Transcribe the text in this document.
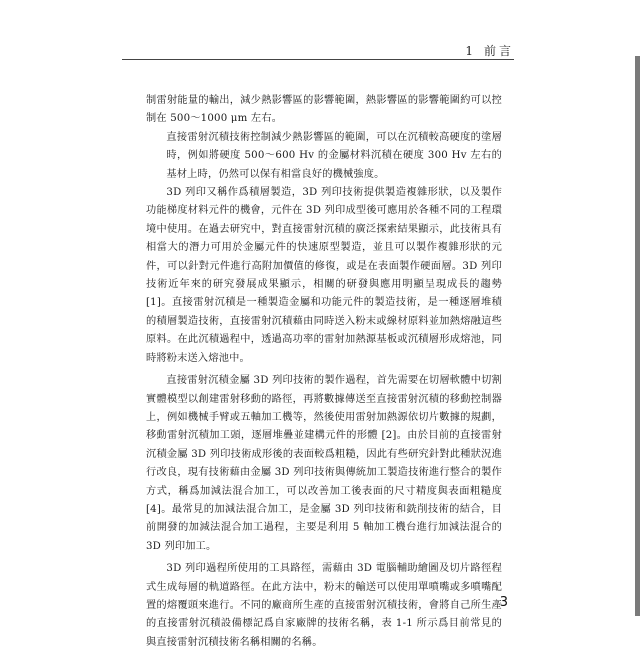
1 前言

制雷射能量的輸出，減少熱影響區的影響範圍，熱影響區的影響範圍約可以控制在 500～1000 μm 左右。

直接雷射沉積技術控制減少熱影響區的範圍，可以在沉積較高硬度的塗層時，例如將硬度 500～600 Hv 的金屬材料沉積在硬度 300 Hv 左右的基材上時，仍然可以保有相當良好的機械強度。

3D 列印又稱作爲積層製造，3D 列印技術提供製造複雜形狀，以及製作功能梯度材料元件的機會，元件在 3D 列印成型後可應用於各種不同的工程環境中使用。在過去研究中，對直接雷射沉積的廣泛探索結果顯示，此技術具有相當大的潛力可用於金屬元件的快速原型製造，並且可以製作複雜形狀的元件，可以針對元件進行高附加價值的修復，或是在表面製作硬面層。3D 列印技術近年來的研究發展成果顯示，相關的研發與應用明顯呈現成長的趨勢 [1]。直接雷射沉積是一種製造金屬和功能元件的製造技術，是一種逐層堆積的積層製造技術，直接雷射沉積藉由同時送入粉末或線材原料並加熱熔融這些原料。在此沉積過程中，透過高功率的雷射加熱源基板或沉積層形成熔池，同時將粉末送入熔池中。

直接雷射沉積金屬 3D 列印技術的製作過程，首先需要在切層軟體中切割實體模型以創建雷射移動的路徑，再將數據傳送至直接雷射沉積的移動控制器上，例如機械手臂或五軸加工機等，然後使用雷射加熱源依切片數據的規劃，移動雷射沉積加工頭，逐層堆疊並建構元件的形體 [2]。由於目前的直接雷射沉積金屬 3D 列印技術成形後的表面較爲粗糙，因此有些研究針對此種狀況進行改良，現有技術藉由金屬 3D 列印技術與傳統加工製造技術進行整合的製作方式，稱爲加減法混合加工，可以改善加工後表面的尺寸精度與表面粗糙度 [4]。最常見的加減法混合加工，是金屬 3D 列印技術和銑削技術的結合，目前開發的加減法混合加工過程，主要是利用 5 軸加工機台進行加減法混合的 3D 列印加工。

3D 列印過程所使用的工具路徑，需藉由 3D 電腦輔助繪圖及切片路徑程式生成每層的軌道路徑。在此方法中，粉末的輸送可以使用單噴嘴或多噴嘴配置的熔覆頭來進行。不同的廠商所生產的直接雷射沉積技術，會將自己所生產的直接雷射沉積設備標記爲自家廠牌的技術名稱，表 1-1 所示爲目前常見的與直接雷射沉積技術名稱相關的名稱。

3
